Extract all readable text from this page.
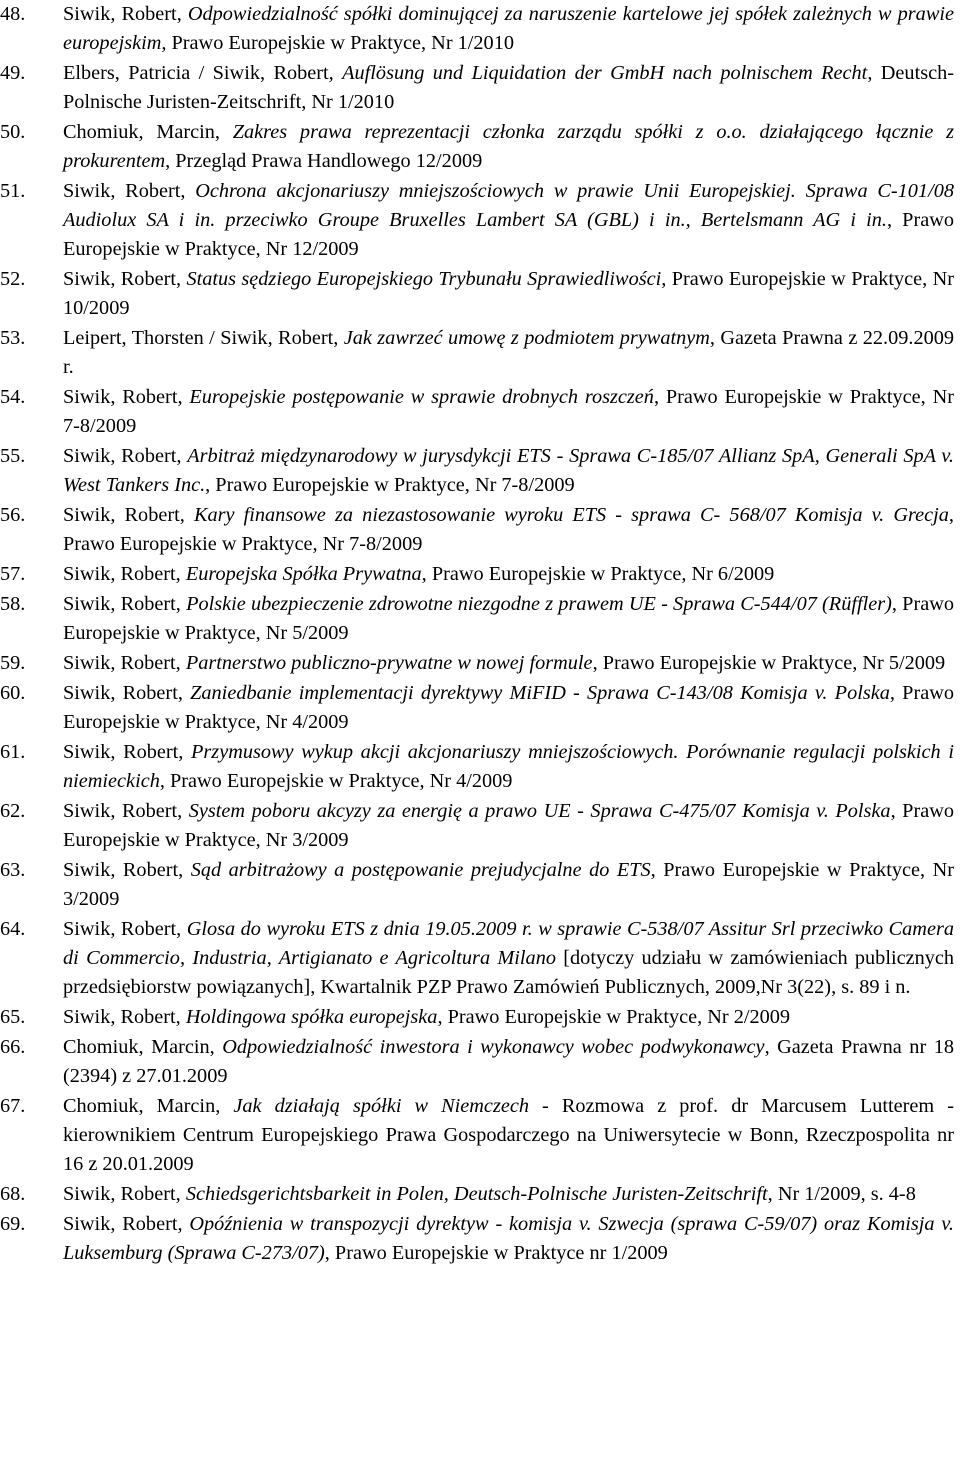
48. Siwik, Robert, Odpowiedzialność spółki dominującej za naruszenie kartelowe jej spółek zależnych w prawie europejskim, Prawo Europejskie w Praktyce, Nr 1/2010
49. Elbers, Patricia / Siwik, Robert, Auflösung und Liquidation der GmbH nach polnischem Recht, Deutsch-Polnische Juristen-Zeitschrift, Nr 1/2010
50. Chomiuk, Marcin, Zakres prawa reprezentacji członka zarządu spółki z o.o. działającego łącznie z prokurentem, Przegląd Prawa Handlowego 12/2009
51. Siwik, Robert, Ochrona akcjonariuszy mniejszościowych w prawie Unii Europejskiej. Sprawa C-101/08 Audiolux SA i in. przeciwko Groupe Bruxelles Lambert SA (GBL) i in., Bertelsmann AG i in., Prawo Europejskie w Praktyce, Nr 12/2009
52. Siwik, Robert, Status sędziego Europejskiego Trybunału Sprawiedliwości, Prawo Europejskie w Praktyce, Nr 10/2009
53. Leipert, Thorsten / Siwik, Robert, Jak zawrzeć umowę z podmiotem prywatnym, Gazeta Prawna z 22.09.2009 r.
54. Siwik, Robert, Europejskie postępowanie w sprawie drobnych roszczeń, Prawo Europejskie w Praktyce, Nr 7-8/2009
55. Siwik, Robert, Arbitraż międzynarodowy w jurysdykcji ETS - Sprawa C-185/07 Allianz SpA, Generali SpA v. West Tankers Inc., Prawo Europejskie w Praktyce, Nr 7-8/2009
56. Siwik, Robert, Kary finansowe za niezastosowanie wyroku ETS - sprawa C- 568/07 Komisja v. Grecja, Prawo Europejskie w Praktyce, Nr 7-8/2009
57. Siwik, Robert, Europejska Spółka Prywatna, Prawo Europejskie w Praktyce, Nr 6/2009
58. Siwik, Robert, Polskie ubezpieczenie zdrowotne niezgodne z prawem UE - Sprawa C-544/07 (Rüffler), Prawo Europejskie w Praktyce, Nr 5/2009
59. Siwik, Robert, Partnerstwo publiczno-prywatne w nowej formule, Prawo Europejskie w Praktyce, Nr 5/2009
60. Siwik, Robert, Zaniedbanie implementacji dyrektywy MiFID - Sprawa C-143/08 Komisja v. Polska, Prawo Europejskie w Praktyce, Nr 4/2009
61. Siwik, Robert, Przymusowy wykup akcji akcjonariuszy mniejszościowych. Porównanie regulacji polskich i niemieckich, Prawo Europejskie w Praktyce, Nr 4/2009
62. Siwik, Robert, System poboru akcyzy za energię a prawo UE - Sprawa C-475/07 Komisja v. Polska, Prawo Europejskie w Praktyce, Nr 3/2009
63. Siwik, Robert, Sąd arbitrażowy a postępowanie prejudycjalne do ETS, Prawo Europejskie w Praktyce, Nr 3/2009
64. Siwik, Robert, Glosa do wyroku ETS z dnia 19.05.2009 r. w sprawie C-538/07 Assitur Srl przeciwko Camera di Commercio, Industria, Artigianato e Agricoltura Milano [dotyczy udziału w zamówieniach publicznych przedsiębiorstw powiązanych], Kwartalnik PZP Prawo Zamówień Publicznych, 2009,Nr 3(22), s. 89 i n.
65. Siwik, Robert, Holdingowa spółka europejska, Prawo Europejskie w Praktyce, Nr 2/2009
66. Chomiuk, Marcin, Odpowiedzialność inwestora i wykonawcy wobec podwykonawcy, Gazeta Prawna nr 18 (2394) z 27.01.2009
67. Chomiuk, Marcin, Jak działają spółki w Niemczech - Rozmowa z prof. dr Marcusem Lutterem - kierownikiem Centrum Europejskiego Prawa Gospodarczego na Uniwersytecie w Bonn, Rzeczpospolita nr 16 z 20.01.2009
68. Siwik, Robert, Schiedsgerichtsbarkeit in Polen, Deutsch-Polnische Juristen-Zeitschrift, Nr 1/2009, s. 4-8
69. Siwik, Robert, Opóźnienia w transpozycji dyrektyw - komisja v. Szwecja (sprawa C-59/07) oraz Komisja v. Luksemburg (Sprawa C-273/07), Prawo Europejskie w Praktyce nr 1/2009
